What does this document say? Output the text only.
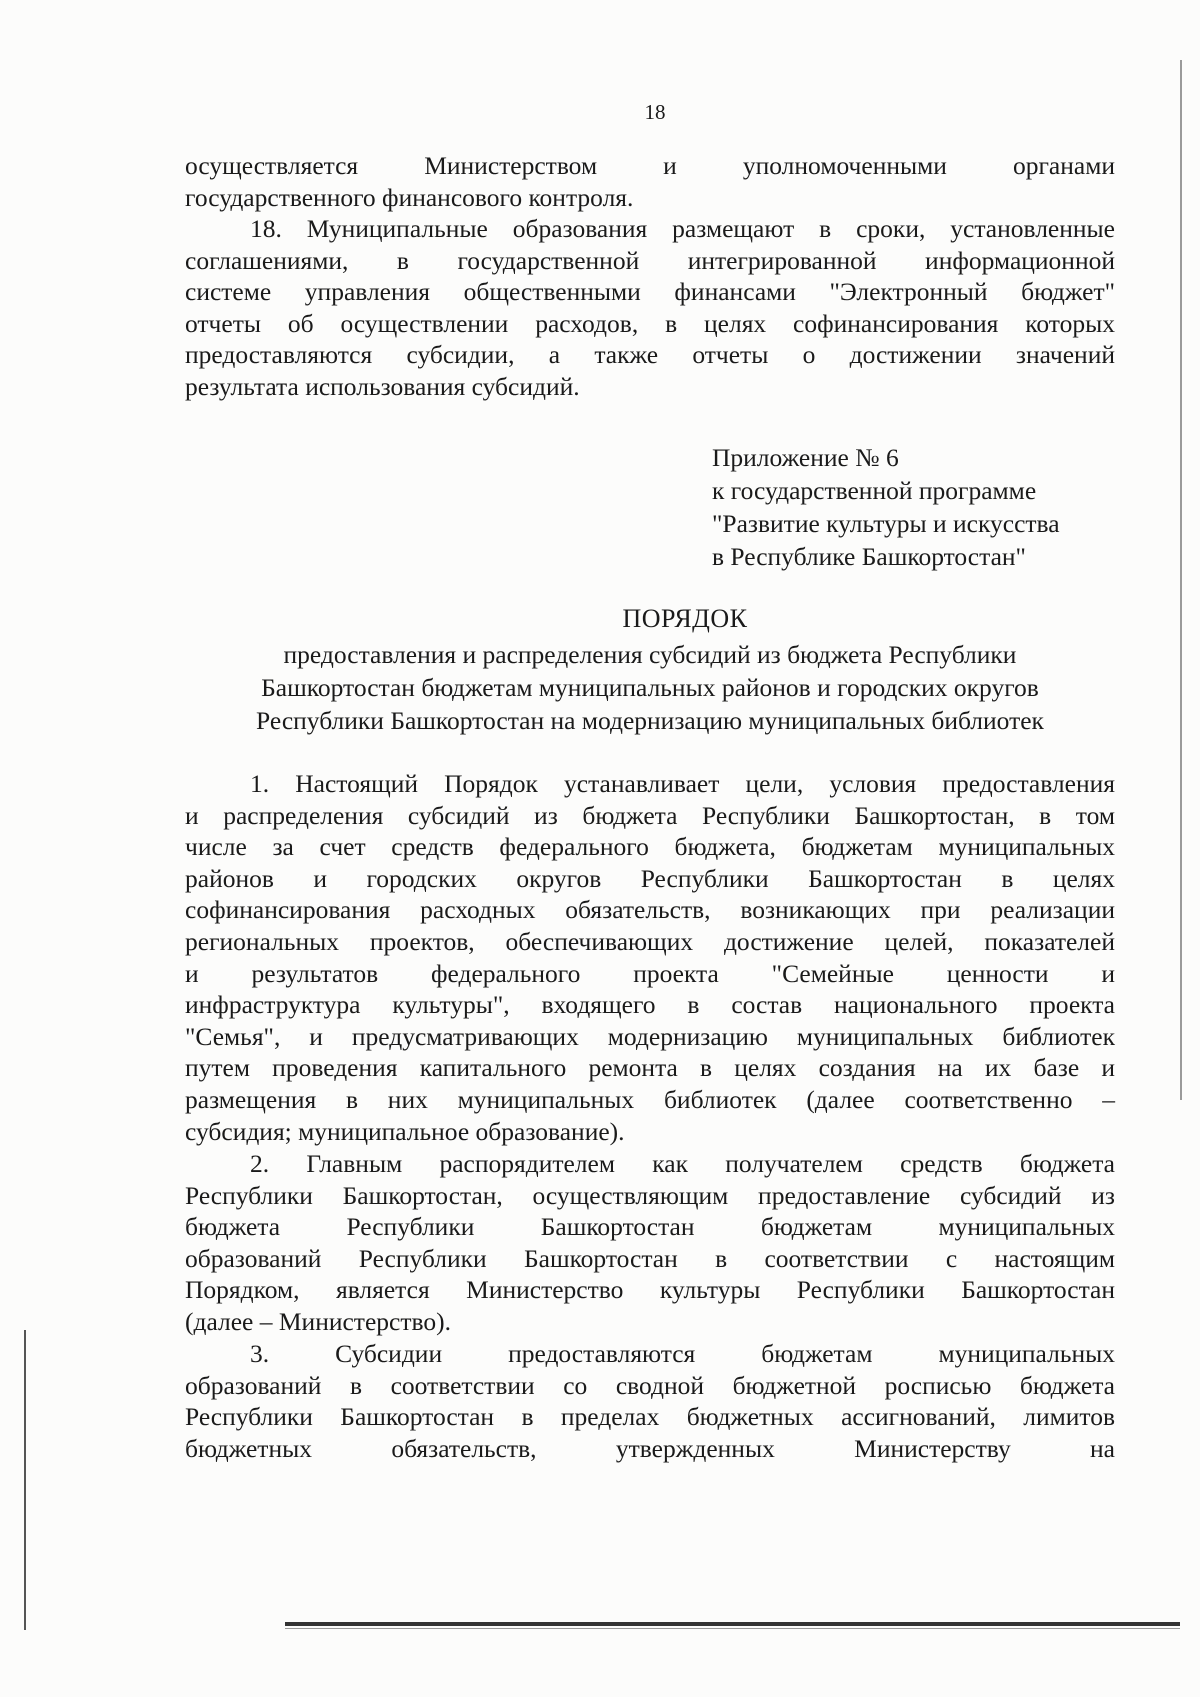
18
осуществляется Министерством и уполномоченными органами
государственного финансового контроля.
18. Муниципальные образования размещают в сроки, установленные
соглашениями, в государственной интегрированной информационной
системе управления общественными финансами "Электронный бюджет"
отчеты об осуществлении расходов, в целях софинансирования которых
предоставляются субсидии, а также отчеты о достижении значений
результата использования субсидий.
Приложение № 6
к государственной программе
"Развитие культуры и искусства
в Республике Башкортостан"
ПОРЯДОК
предоставления и распределения субсидий из бюджета Республики
Башкортостан бюджетам муниципальных районов и городских округов
Республики Башкортостан на модернизацию муниципальных библиотек
1. Настоящий Порядок устанавливает цели, условия предоставления
и распределения субсидий из бюджета Республики Башкортостан, в том
числе за счет средств федерального бюджета, бюджетам муниципальных
районов и городских округов Республики Башкортостан в целях
софинансирования расходных обязательств, возникающих при реализации
региональных проектов, обеспечивающих достижение целей, показателей
и результатов федерального проекта "Семейные ценности и
инфраструктура культуры", входящего в состав национального проекта
"Семья", и предусматривающих модернизацию муниципальных библиотек
путем проведения капитального ремонта в целях создания на их базе и
размещения в них муниципальных библиотек (далее соответственно –
субсидия; муниципальное образование).
2. Главным распорядителем как получателем средств бюджета
Республики Башкортостан, осуществляющим предоставление субсидий из
бюджета Республики Башкортостан бюджетам муниципальных
образований Республики Башкортостан в соответствии с настоящим
Порядком, является Министерство культуры Республики Башкортостан
(далее – Министерство).
3. Субсидии предоставляются бюджетам муниципальных
образований в соответствии со сводной бюджетной росписью бюджета
Республики Башкортостан в пределах бюджетных ассигнований, лимитов
бюджетных обязательств, утвержденных Министерству на
